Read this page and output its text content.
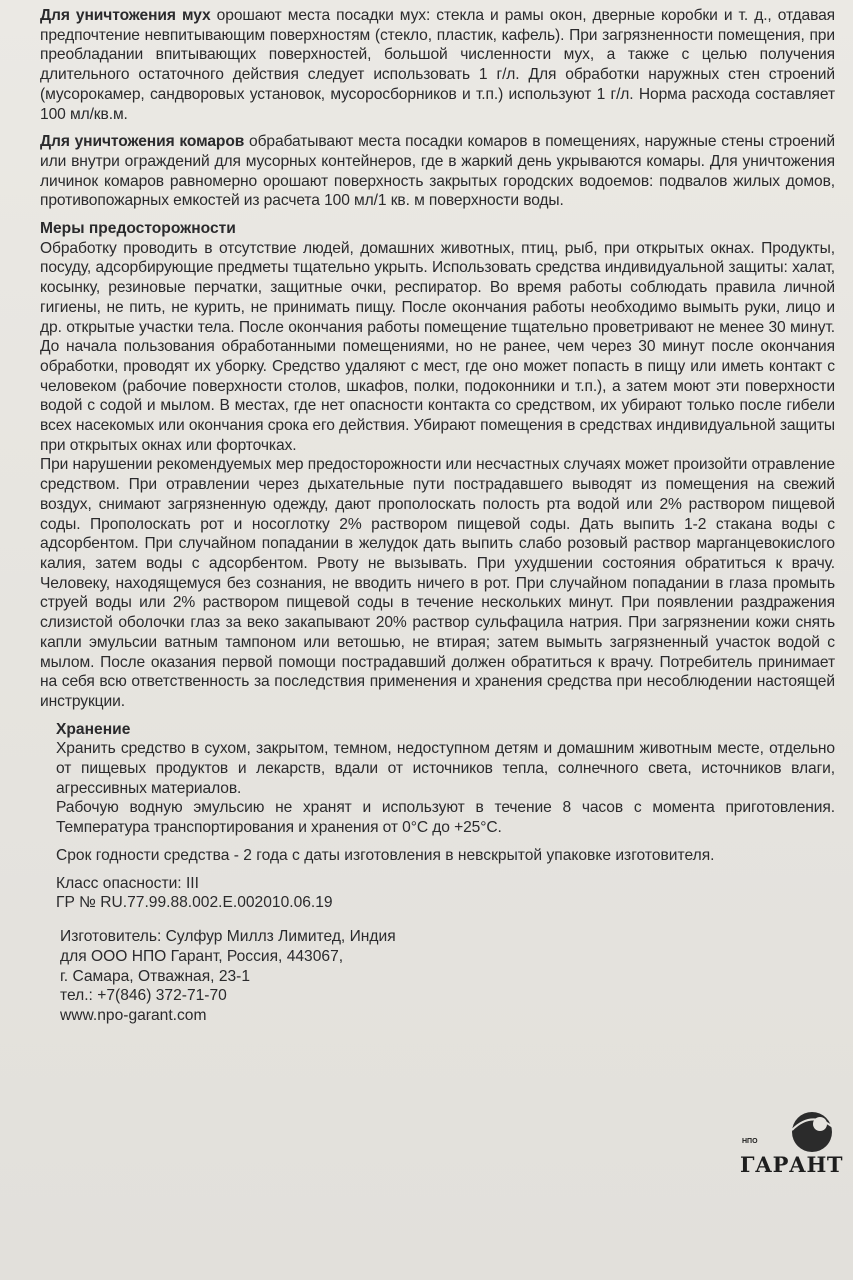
Для уничтожения мух орошают места посадки мух: стекла и рамы окон, дверные коробки и т. д., отдавая предпочтение невпитывающим поверхностям (стекло, пластик, кафель). При загрязненности помещения, при преобладании впитывающих поверхностей, большой численности мух, а также с целью получения длительного остаточного действия следует использовать 1 г/л. Для обработки наружных стен строений (мусорокамер, сандворовых установок, мусоросборников и т.п.) используют 1 г/л. Норма расхода составляет 100 мл/кв.м.

Для уничтожения комаров обрабатывают места посадки комаров в помещениях, наружные стены строений или внутри ограждений для мусорных контейнеров, где в жаркий день укрываются комары. Для уничтожения личинок комаров равномерно орошают поверхность закрытых городских водоемов: подвалов жилых домов, противопожарных емкостей из расчета 100 мл/1 кв. м поверхности воды.

Меры предосторожности

Обработку проводить в отсутствие людей, домашних животных, птиц, рыб, при открытых окнах. Продукты, посуду, адсорбирующие предметы тщательно укрыть. Использовать средства индивидуальной защиты: халат, косынку, резиновые перчатки, защитные очки, респиратор. Во время работы соблюдать правила личной гигиены, не пить, не курить, не принимать пищу. После окончания работы необходимо вымыть руки, лицо и др. открытые участки тела. После окончания работы помещение тщательно проветривают не менее 30 минут. До начала пользования обработанными помещениями, но не ранее, чем через 30 минут после окончания обработки, проводят их уборку. Средство удаляют с мест, где оно может попасть в пищу или иметь контакт с человеком (рабочие поверхности столов, шкафов, полки, подоконники и т.п.), а затем моют эти поверхности водой с содой и мылом. В местах, где нет опасности контакта со средством, их убирают только после гибели всех насекомых или окончания срока его действия. Убирают помещения в средствах индивидуальной защиты при открытых окнах или форточках.

При нарушении рекомендуемых мер предосторожности или несчастных случаях может произойти отравление средством. При отравлении через дыхательные пути пострадавшего выводят из помещения на свежий воздух, снимают загрязненную одежду, дают прополоскать полость рта водой или 2% раствором пищевой соды. Прополоскать рот и носоглотку 2% раствором пищевой соды. Дать выпить 1-2 стакана воды с адсорбентом. При случайном попадании в желудок дать выпить слабо розовый раствор марганцевокислого калия, затем воды с адсорбентом. Рвоту не вызывать. При ухудшении состояния обратиться к врачу. Человеку, находящемуся без сознания, не вводить ничего в рот. При случайном попадании в глаза промыть струей воды или 2% раствором пищевой соды в течение нескольких минут. При появлении раздражения слизистой оболочки глаз за веко закапывают 20% раствор сульфацила натрия. При загрязнении кожи снять капли эмульсии ватным тампоном или ветошью, не втирая; затем вымыть загрязненный участок водой с мылом. После оказания первой помощи пострадавший должен обратиться к врачу. Потребитель принимает на себя всю ответственность за последствия применения и хранения средства при несоблюдении настоящей инструкции.

Хранение

Хранить средство в сухом, закрытом, темном, недоступном детям и домашним животным месте, отдельно от пищевых продуктов и лекарств, вдали от источников тепла, солнечного света, источников влаги, агрессивных материалов.

Рабочую водную эмульсию не хранят и используют в течение 8 часов с момента приготовления. Температура транспортирования и хранения от 0°С до +25°С.

Срок годности средства - 2 года с даты изготовления в невскрытой упаковке изготовителя.

Класс опасности: III

ГР № RU.77.99.88.002.Е.002010.06.19

Изготовитель: Сулфур Миллз Лимитед, Индия

для ООО НПО Гарант, Россия, 443067,

г. Самара, Отважная, 23-1

тел.: +7(846) 372-71-70

www.npo-garant.com

НПО
ГАРАНТ
